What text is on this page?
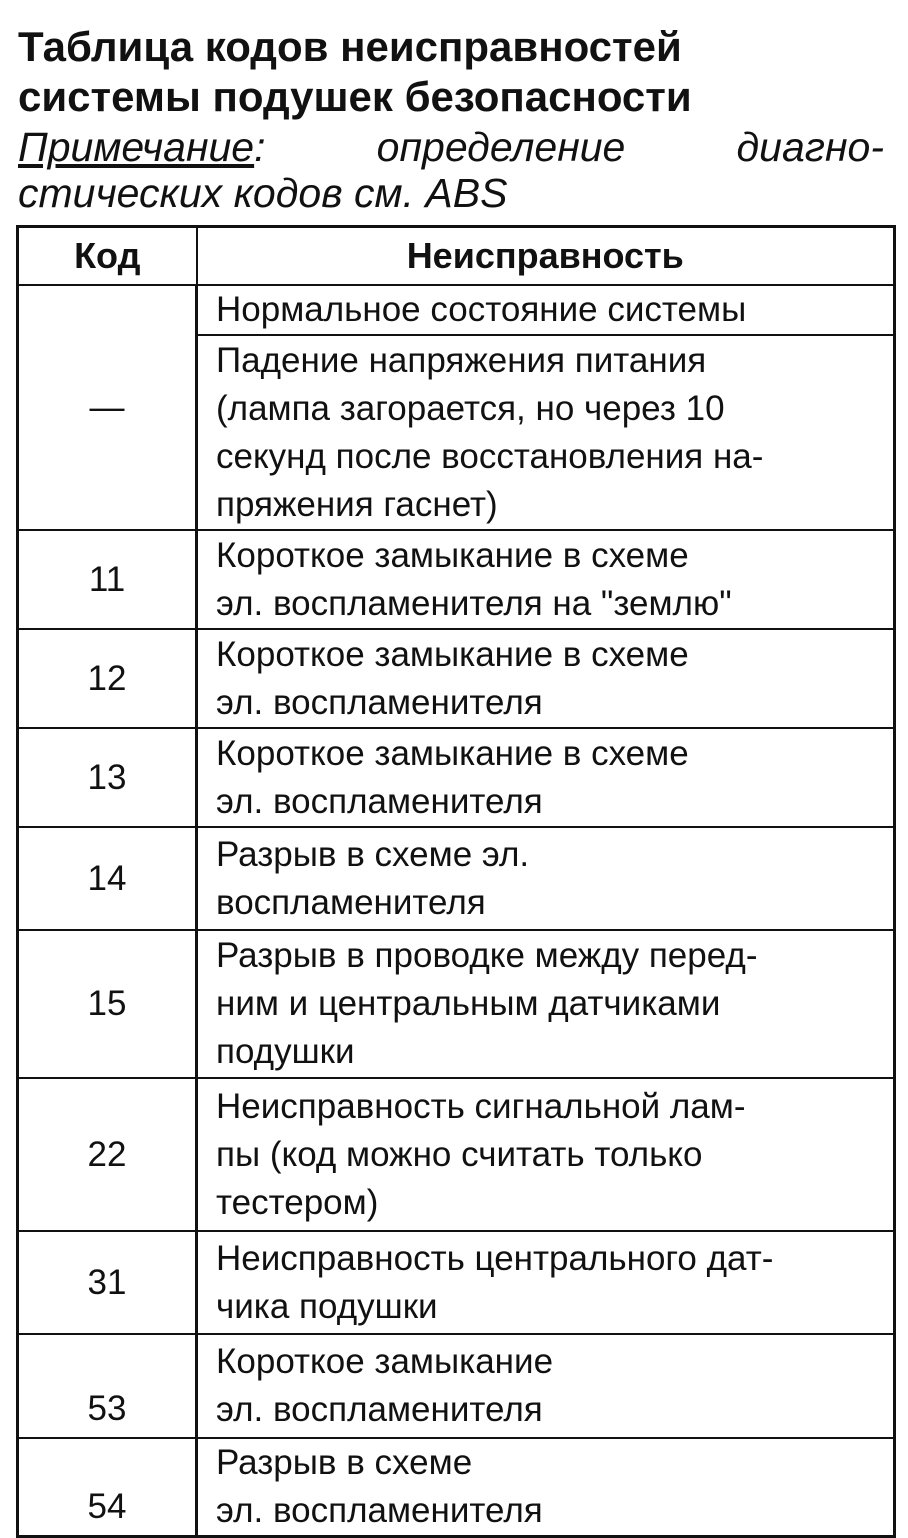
Таблица кодов неисправностей
системы подушек безопасности
Примечание:	определение	диагно-
стических кодов см. ABS
Код	Неисправность
—	Нормальное состояние системы

	Падение напряжения питания
(лампа загорается, но через 10
секунд после восстановления на-
пряжения гаснет)

11	Короткое замыкание в схеме
эл. воспламенителя на "землю"

12	Короткое замыкание в схеме
эл. воспламенителя

13	Короткое замыкание в схеме
эл. воспламенителя

14	Разрыв в схеме эл.
воспламенителя

15	Разрыв в проводке между перед-
ним и центральным датчиками
подушки

22	Неисправность сигнальной лам-
пы (код можно считать только
тестером)

31	Неисправность центрального дат-
чика подушки

53	Короткое замыкание
эл. воспламенителя

54	Разрыв в схеме
эл. воспламенителя
